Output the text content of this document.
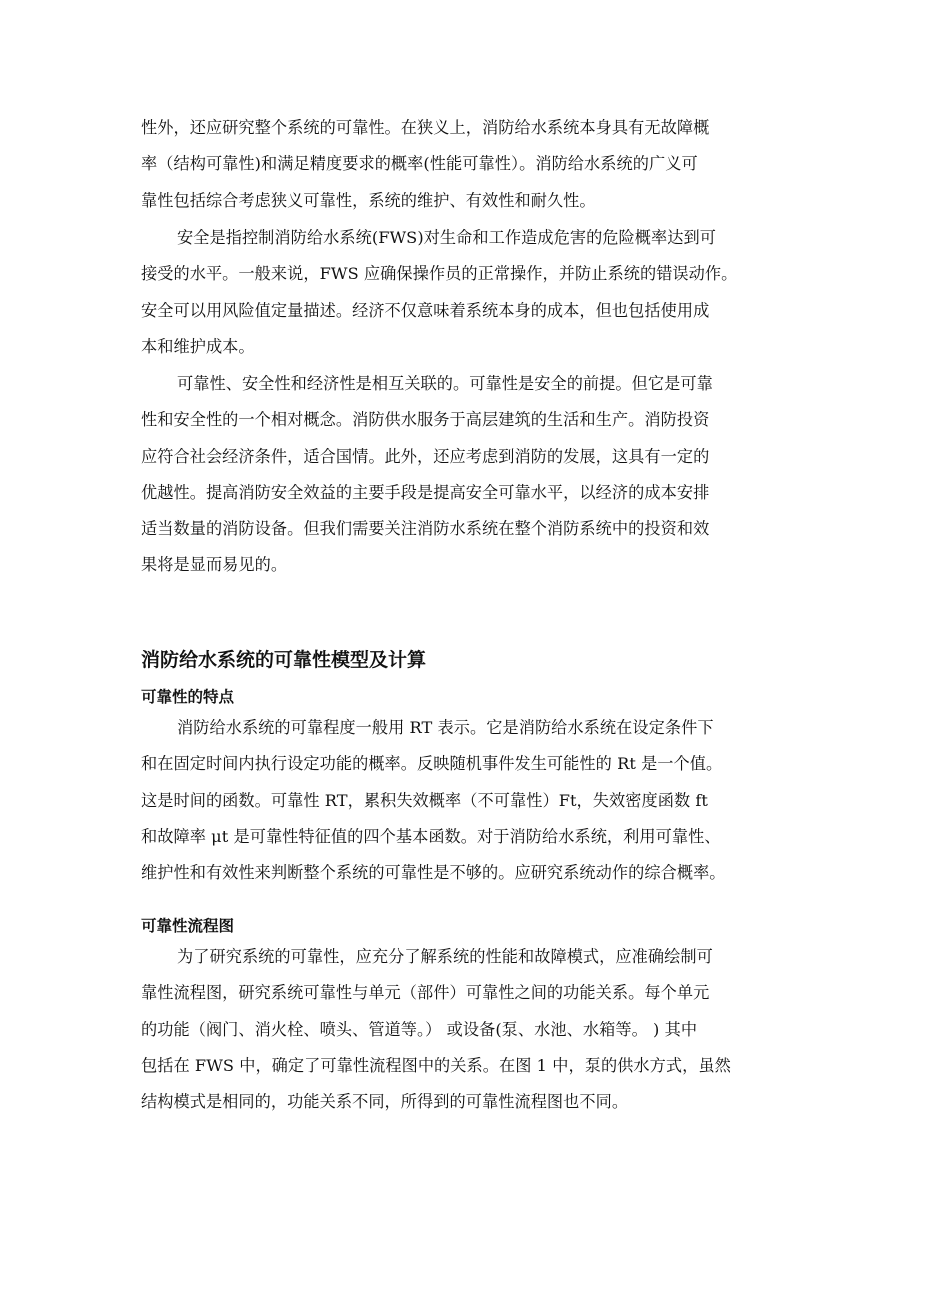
性外，还应研究整个系统的可靠性。在狭义上，消防给水系统本身具有无故障概
率（结构可靠性)和满足精度要求的概率(性能可靠性）。消防给水系统的广义可
靠性包括综合考虑狭义可靠性，系统的维护、有效性和耐久性。
安全是指控制消防给水系统(FWS)对生命和工作造成危害的危险概率达到可
接受的水平。一般来说，FWS 应确保操作员的正常操作，并防止系统的错误动作。
安全可以用风险值定量描述。经济不仅意味着系统本身的成本，但也包括使用成
本和维护成本。
可靠性、安全性和经济性是相互关联的。可靠性是安全的前提。但它是可靠
性和安全性的一个相对概念。消防供水服务于高层建筑的生活和生产。消防投资
应符合社会经济条件，适合国情。此外，还应考虑到消防的发展，这具有一定的
优越性。提高消防安全效益的主要手段是提高安全可靠水平，以经济的成本安排
适当数量的消防设备。但我们需要关注消防水系统在整个消防系统中的投资和效
果将是显而易见的。
消防给水系统的可靠性模型及计算
可靠性的特点
消防给水系统的可靠程度一般用 RT 表示。它是消防给水系统在设定条件下
和在固定时间内执行设定功能的概率。反映随机事件发生可能性的 Rt 是一个值。
这是时间的函数。可靠性 RT，累积失效概率（不可靠性）Ft，失效密度函数 ft
和故障率 μt 是可靠性特征值的四个基本函数。对于消防给水系统，利用可靠性、
维护性和有效性来判断整个系统的可靠性是不够的。应研究系统动作的综合概率。
可靠性流程图
为了研究系统的可靠性，应充分了解系统的性能和故障模式，应准确绘制可
靠性流程图，研究系统可靠性与单元（部件）可靠性之间的功能关系。每个单元
的功能（阀门、消火栓、喷头、管道等。） 或设备(泵、水池、水箱等。 ) 其中
包括在 FWS 中，确定了可靠性流程图中的关系。在图 1 中，泵的供水方式，虽然
结构模式是相同的，功能关系不同，所得到的可靠性流程图也不同。
